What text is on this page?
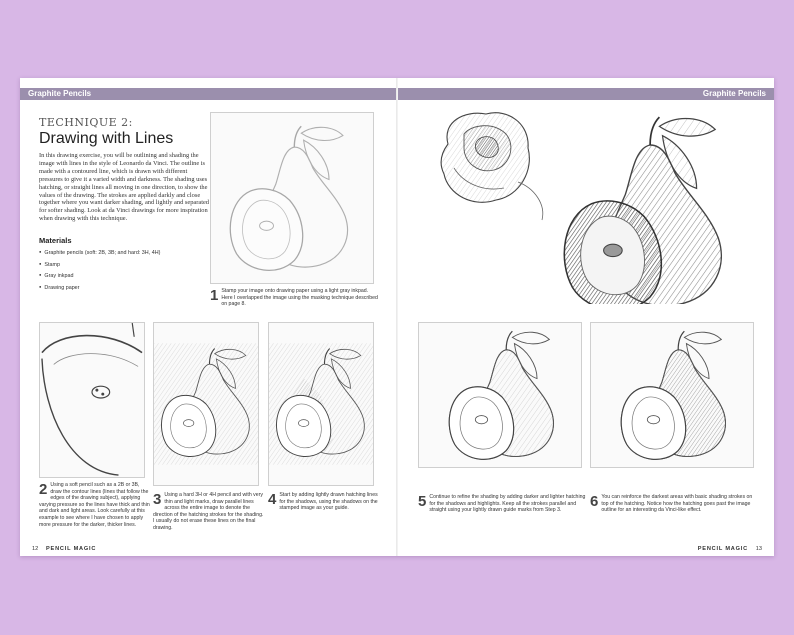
Graphite Pencils	Graphite Pencils
TECHNIQUE 2:
Drawing with Lines
In this drawing exercise, you will be outlining and shading the image with lines in the style of Leonardo da Vinci. The outline is made with a contoured line, which is drawn with different pressures to give it a varied width and darkness. The shading uses hatching, or straight lines all moving in one direction, to show the values of the drawing. The strokes are applied darkly and close together where you want darker shading, and lightly and separated for softer shading. Look at da Vinci drawings for more inspiration when drawing with this technique.
Materials
● Graphite pencils (soft: 2B, 3B; and hard: 3H, 4H)
● Stamp
● Gray inkpad
● Drawing paper	1 Stamp your image onto drawing paper using a light gray inkpad. Here I overlapped the image using the masking technique described on page 8.
2 Using a soft pencil such as a 2B or 3B, draw the contour lines (lines that follow the edges of the drawing subject), applying varying pressure so the lines have thick and thin and dark and light areas. Look carefully at this example to see where I have chosen to apply more pressure for the darker, thicker lines.
3 Using a hard 3H or 4H pencil and with very thin and light marks, draw parallel lines across the entire image to denote the direction of the hatching strokes for the shading. I usually do not erase these lines on the final drawing.
4 Start by adding lightly drawn hatching lines for the shadows, using the shadows on the stamped image as your guide.	5 Continue to refine the shading by adding darker and lighter hatching for the shadows and highlights. Keep all the strokes parallel and straight using your lightly drawn guide marks from Step 3.
6 You can reinforce the darkest areas with basic shading strokes on top of the hatching. Notice how the hatching goes past the image outline for an interesting da Vinci-like effect.
12 PENCIL MAGIC	PENCIL MAGIC 13
